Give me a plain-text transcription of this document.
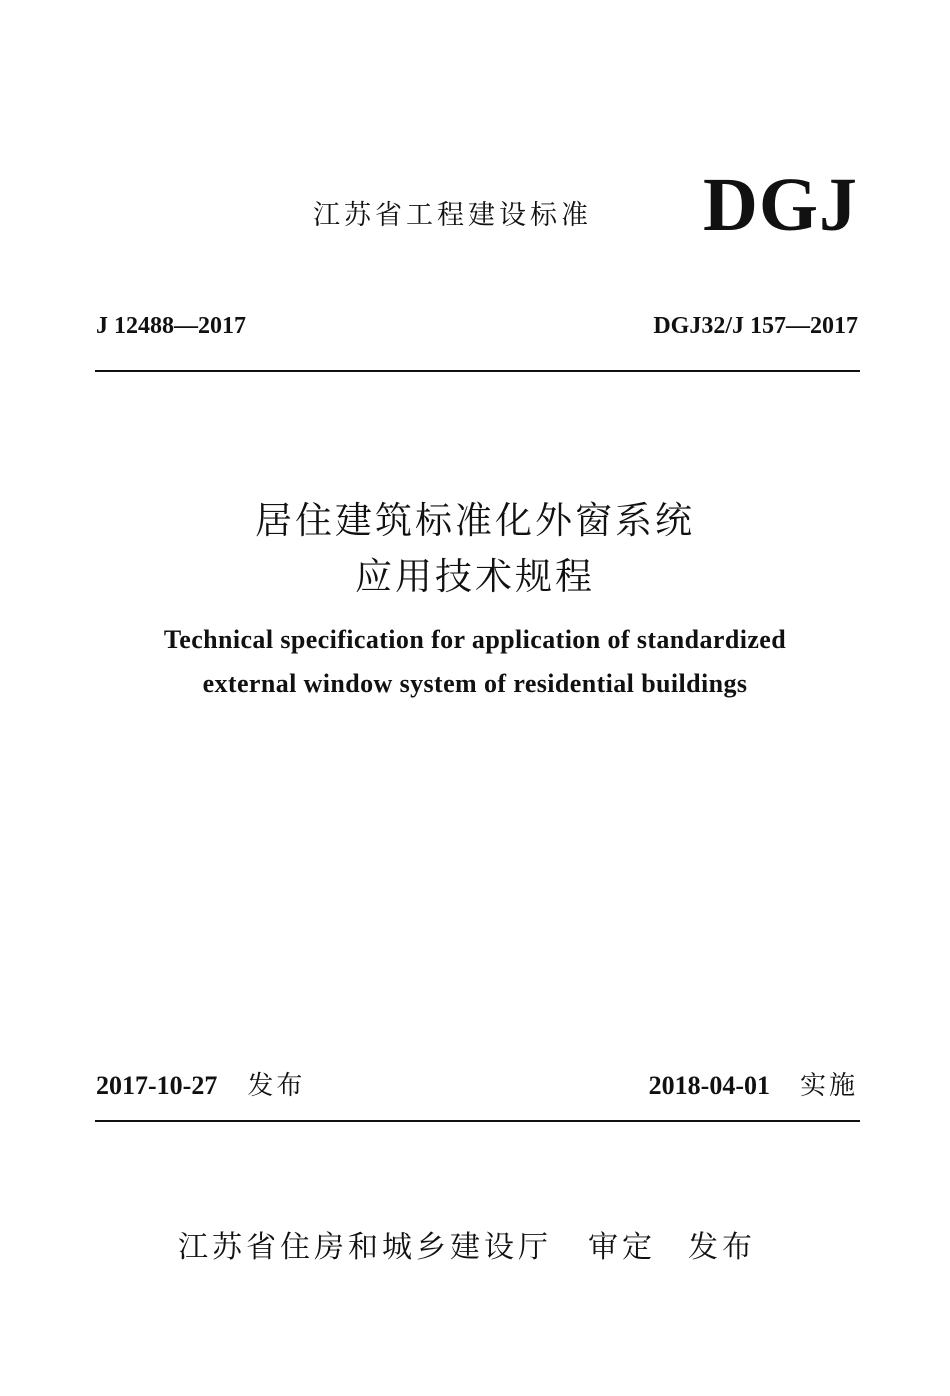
江苏省工程建设标准 DGJ
J 12488—2017	DGJ32/J 157—2017
居住建筑标准化外窗系统
应用技术规程
Technical specification for application of standardized
external window system of residential buildings
2017-10-27 发布	2018-04-01 实施
江苏省住房和城乡建设厅 审定 发布
